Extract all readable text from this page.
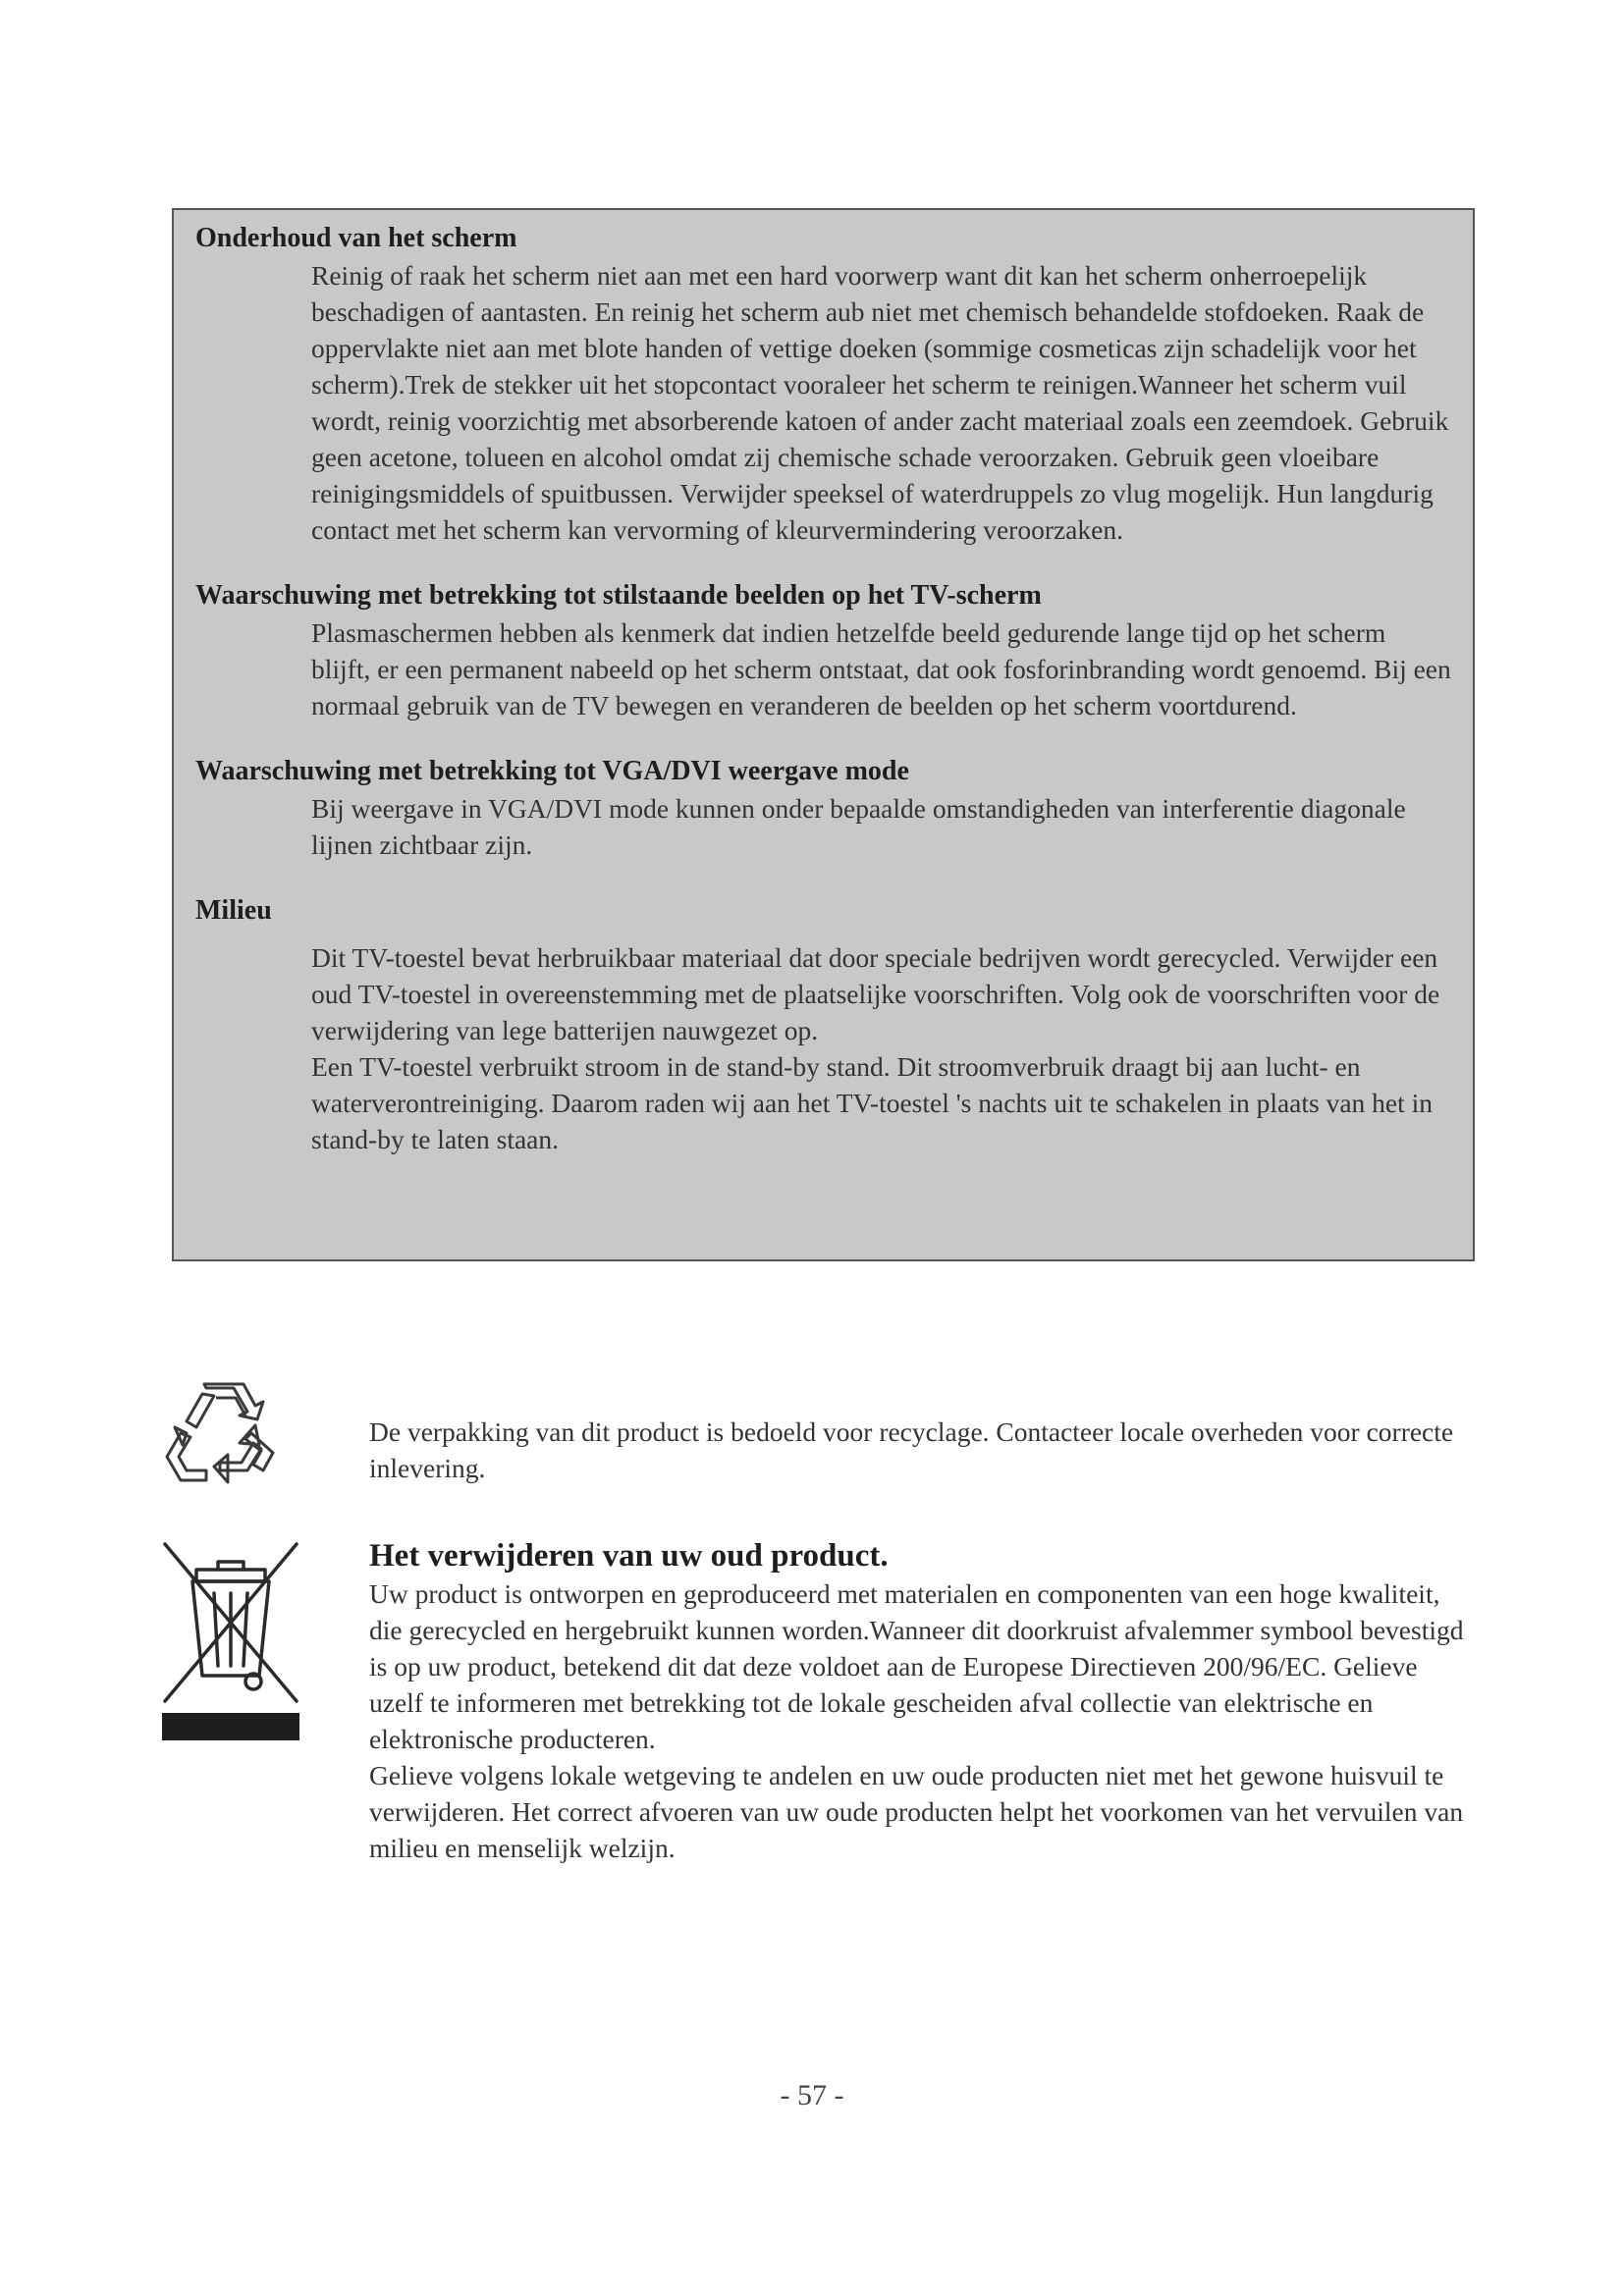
Onderhoud van het scherm

Reinig of raak het scherm niet aan met een hard voorwerp want dit kan het scherm onherroepelijk beschadigen of aantasten. En reinig het scherm aub niet met chemisch behandelde stofdoeken. Raak de oppervlakte niet aan met blote handen of vettige doeken (sommige cosmeticas zijn schadelijk voor het scherm).Trek de stekker uit het stopcontact vooraleer het scherm te reinigen.Wanneer het scherm vuil wordt, reinig voorzichtig met absorberende katoen of ander zacht materiaal zoals een zeemdoek. Gebruik geen acetone, tolueen en alcohol omdat zij chemische schade veroorzaken. Gebruik geen vloeibare reinigingsmiddels of spuitbussen. Verwijder speeksel of waterdruppels zo vlug mogelijk. Hun langdurig contact met het scherm kan vervorming of kleurvermindering veroorzaken.

Waarschuwing met betrekking tot stilstaande beelden op het TV-scherm

Plasmaschermen hebben als kenmerk dat indien hetzelfde beeld gedurende lange tijd op het scherm blijft, er een permanent nabeeld op het scherm ontstaat, dat ook fosforinbranding wordt genoemd. Bij een normaal gebruik van de TV bewegen en veranderen de beelden op het scherm voortdurend.

Waarschuwing met betrekking tot VGA/DVI weergave mode

Bij weergave in VGA/DVI mode kunnen onder bepaalde omstandigheden van interferentie diagonale lijnen zichtbaar zijn.

Milieu

Dit TV-toestel bevat herbruikbaar materiaal dat door speciale bedrijven wordt gerecycled. Verwijder een oud TV-toestel in overeenstemming met de plaatselijke voorschriften. Volg ook de voorschriften voor de verwijdering van lege batterijen nauwgezet op.

Een TV-toestel verbruikt stroom in de stand-by stand. Dit stroomverbruik draagt bij aan lucht- en waterverontreiniging. Daarom raden wij aan het TV-toestel 's nachts uit te schakelen in plaats van het in stand-by te laten staan.

De verpakking van dit product is bedoeld voor recyclage. Contacteer locale overheden voor correcte inlevering.
Het verwijderen van uw oud product.
Uw product is ontworpen en geproduceerd met materialen en componenten van een hoge kwaliteit, die gerecycled en hergebruikt kunnen worden.Wanneer dit doorkruist afvalemmer symbool bevestigd is op uw product, betekend dit dat deze voldoet aan de Europese Directieven 200/96/EC. Gelieve uzelf te informeren met betrekking tot de lokale gescheiden afval collectie van elektrische en elektronische producteren.
Gelieve volgens lokale wetgeving te andelen en uw oude producten niet met het gewone huisvuil te verwijderen. Het correct afvoeren van uw oude producten helpt het voorkomen van het vervuilen van milieu en menselijk welzijn.
- 57 -
